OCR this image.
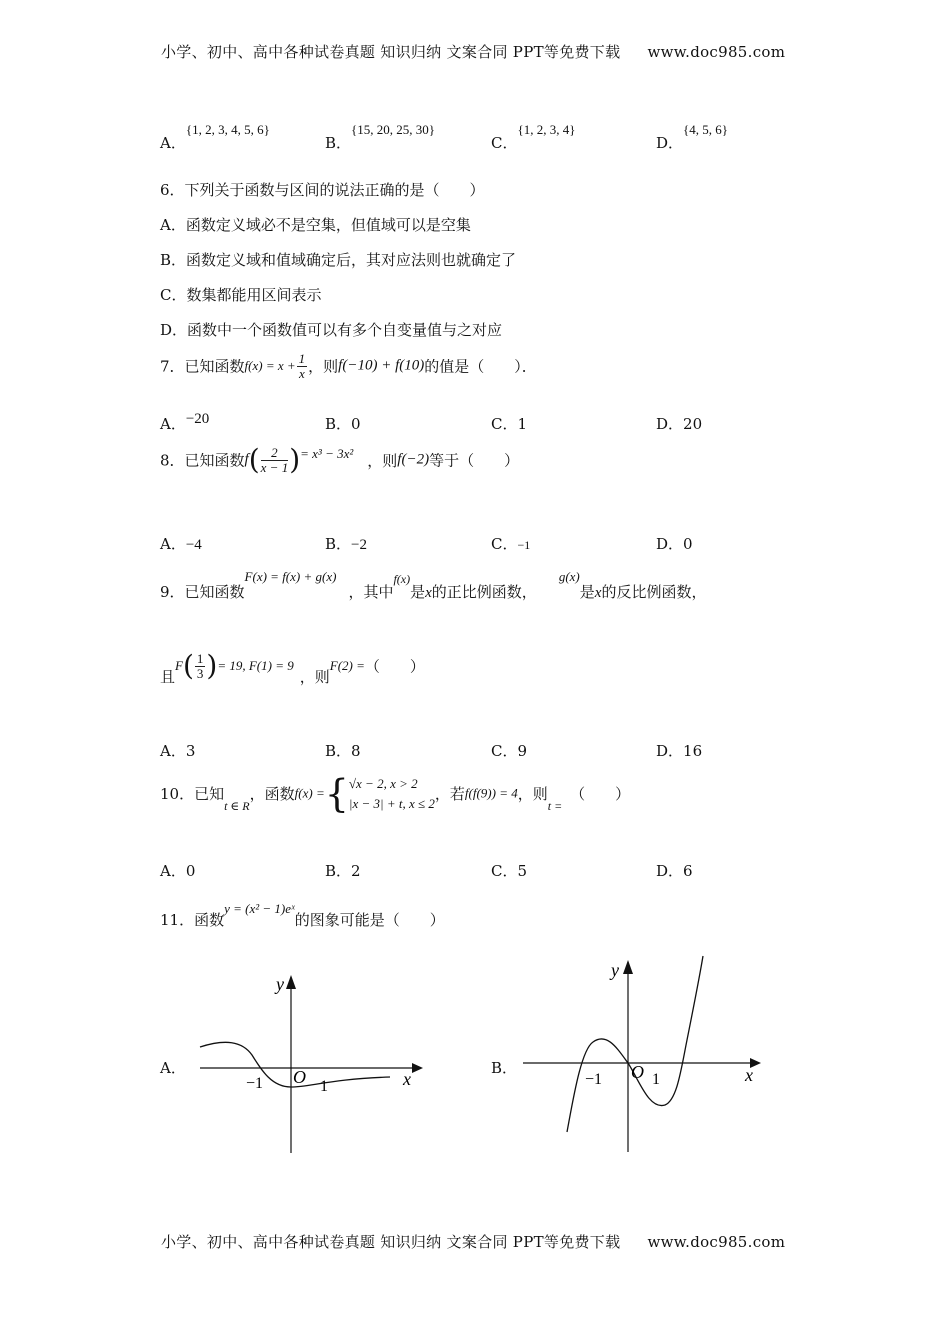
小学、初中、高中各种试卷真题 知识归纳 文案合同 PPT等免费下载 www.doc985.com
A．{1, 2, 3, 4, 5, 6}
B．{15, 20, 25, 30}
C．{1, 2, 3, 4}
D．{4, 5, 6}
6．下列关于函数与区间的说法正确的是（　　）
A．函数定义域必不是空集，但值域可以是空集
B．函数定义域和值域确定后，其对应法则也就确定了
C．数集都能用区间表示
D．函数中一个函数值可以有多个自变量值与之对应
7．已知函数$f(x) = x + \frac{1}{x}$ ，则f(−10) + f(10)的值是（　　）．
A．−20	B．0	C．1	D．20
8．已知函数$f( \frac{2}{x - 1}$ )= x³ − 3x² ，则f(−2)等于（　　）
A．−4	B．−2	C．−1	D．0
9．已知函数F(x) = f(x) + g(x)，其中f(x)是x的正比例函数，g(x)是x的反比例函数，
且$F( \frac{1}{3}$ )= 19, F(1) = 9，则F(2) =（　　）
A．3	B．8	C．9	D．16
10．已知$_{t \in R}$，函数f(x) ={ √x − 2, x > 2
|x − 3| + t, x ≤ 2 ，若f(f(9)) = 4，则$_{t =}$（　　）
A．0	B．2	C．5	D．6
11．函数y = (x² − 1)eˣ的图象可能是（　　）
A．
y
x
O
−1	1
B．
y
x
O
−1	1
小学、初中、高中各种试卷真题 知识归纳 文案合同 PPT等免费下载 www.doc985.com
